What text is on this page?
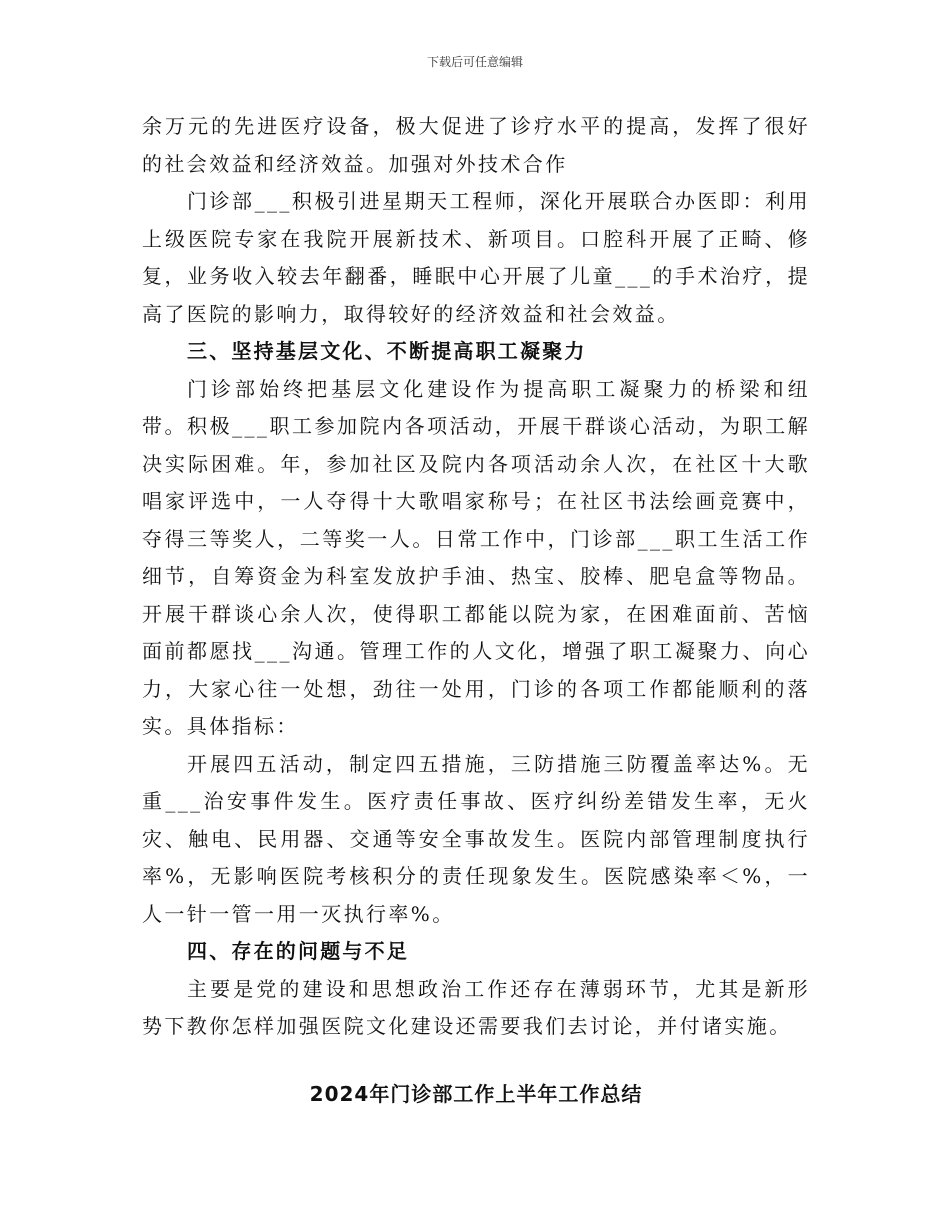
下载后可任意编辑

余万元的先进医疗设备，极大促进了诊疗水平的提高，发挥了很好的社会效益和经济效益。加强对外技术合作

门诊部___积极引进星期天工程师，深化开展联合办医即：利用上级医院专家在我院开展新技术、新项目。口腔科开展了正畸、修复，业务收入较去年翻番，睡眠中心开展了儿童___的手术治疗，提高了医院的影响力，取得较好的经济效益和社会效益。

三、坚持基层文化、不断提高职工凝聚力

门诊部始终把基层文化建设作为提高职工凝聚力的桥梁和纽带。积极___职工参加院内各项活动，开展干群谈心活动，为职工解决实际困难。年，参加社区及院内各项活动余人次，在社区十大歌唱家评选中，一人夺得十大歌唱家称号；在社区书法绘画竞赛中，夺得三等奖人，二等奖一人。日常工作中，门诊部___职工生活工作细节，自筹资金为科室发放护手油、热宝、胶棒、肥皂盒等物品。开展干群谈心余人次，使得职工都能以院为家，在困难面前、苦恼面前都愿找___沟通。管理工作的人文化，增强了职工凝聚力、向心力，大家心往一处想，劲往一处用，门诊的各项工作都能顺利的落实。具体指标：

开展四五活动，制定四五措施，三防措施三防覆盖率达%。无重___治安事件发生。医疗责任事故、医疗纠纷差错发生率，无火灾、触电、民用器、交通等安全事故发生。医院内部管理制度执行率%，无影响医院考核积分的责任现象发生。医院感染率＜%，一人一针一管一用一灭执行率%。

四、存在的问题与不足

主要是党的建设和思想政治工作还存在薄弱环节，尤其是新形势下教你怎样加强医院文化建设还需要我们去讨论，并付诸实施。

2024年门诊部工作上半年工作总结
